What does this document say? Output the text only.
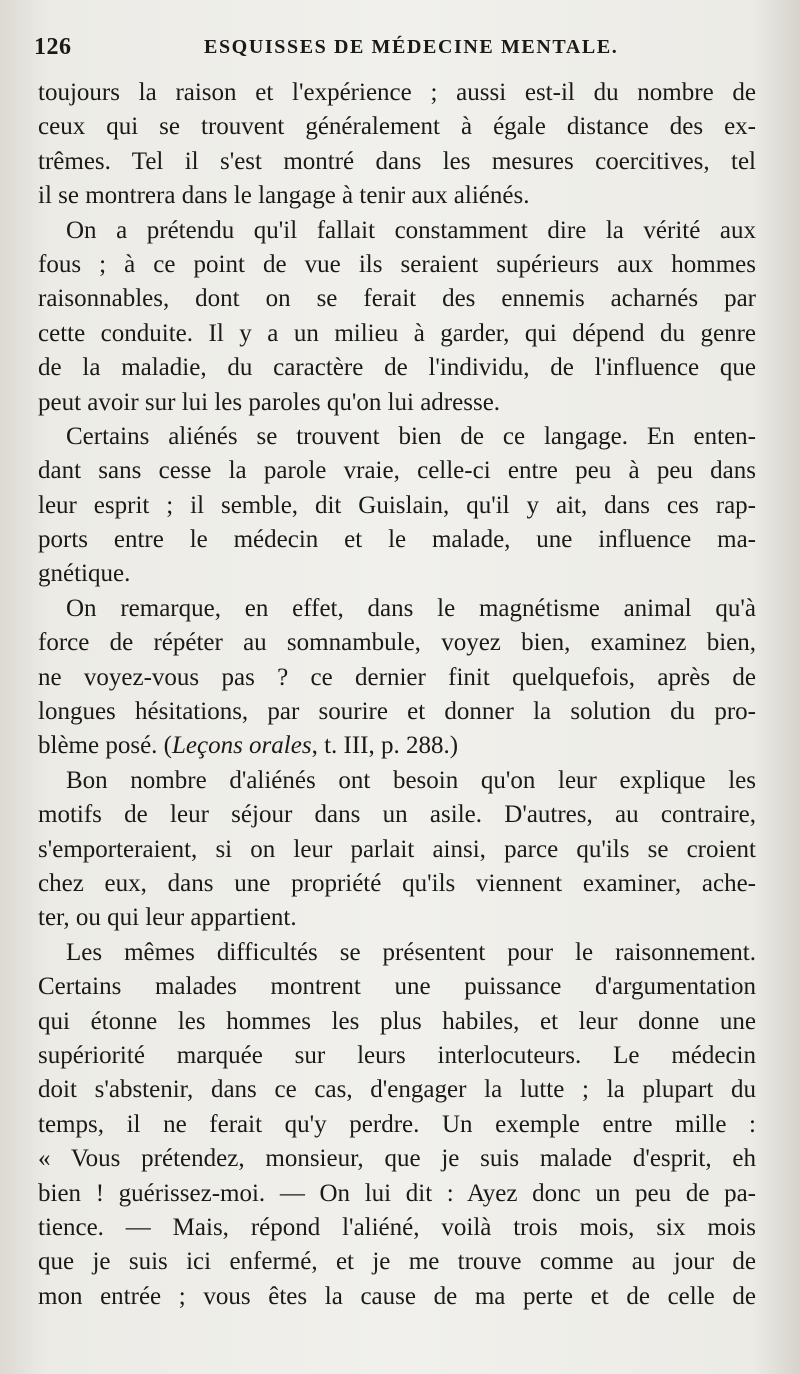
126	ESQUISSES DE MÉDECINE MENTALE.
toujours la raison et l'expérience ; aussi est-il du nombre de
ceux qui se trouvent généralement à égale distance des ex-
trêmes. Tel il s'est montré dans les mesures coercitives, tel
il se montrera dans le langage à tenir aux aliénés.
On a prétendu qu'il fallait constamment dire la vérité aux
fous ; à ce point de vue ils seraient supérieurs aux hommes
raisonnables, dont on se ferait des ennemis acharnés par
cette conduite. Il y a un milieu à garder, qui dépend du genre
de la maladie, du caractère de l'individu, de l'influence que
peut avoir sur lui les paroles qu'on lui adresse.
Certains aliénés se trouvent bien de ce langage. En enten-
dant sans cesse la parole vraie, celle-ci entre peu à peu dans
leur esprit ; il semble, dit Guislain, qu'il y ait, dans ces rap-
ports entre le médecin et le malade, une influence ma-
gnétique.
On remarque, en effet, dans le magnétisme animal qu'à
force de répéter au somnambule, voyez bien, examinez bien,
ne voyez-vous pas ? ce dernier finit quelquefois, après de
longues hésitations, par sourire et donner la solution du pro-
blème posé. (Leçons orales, t. III, p. 288.)
Bon nombre d'aliénés ont besoin qu'on leur explique les
motifs de leur séjour dans un asile. D'autres, au contraire,
s'emporteraient, si on leur parlait ainsi, parce qu'ils se croient
chez eux, dans une propriété qu'ils viennent examiner, ache-
ter, ou qui leur appartient.
Les mêmes difficultés se présentent pour le raisonnement.
Certains malades montrent une puissance d'argumentation
qui étonne les hommes les plus habiles, et leur donne une
supériorité marquée sur leurs interlocuteurs. Le médecin
doit s'abstenir, dans ce cas, d'engager la lutte ; la plupart du
temps, il ne ferait qu'y perdre. Un exemple entre mille :
« Vous prétendez, monsieur, que je suis malade d'esprit, eh
bien ! guérissez-moi. — On lui dit : Ayez donc un peu de pa-
tience. — Mais, répond l'aliéné, voilà trois mois, six mois
que je suis ici enfermé, et je me trouve comme au jour de
mon entrée ; vous êtes la cause de ma perte et de celle de
